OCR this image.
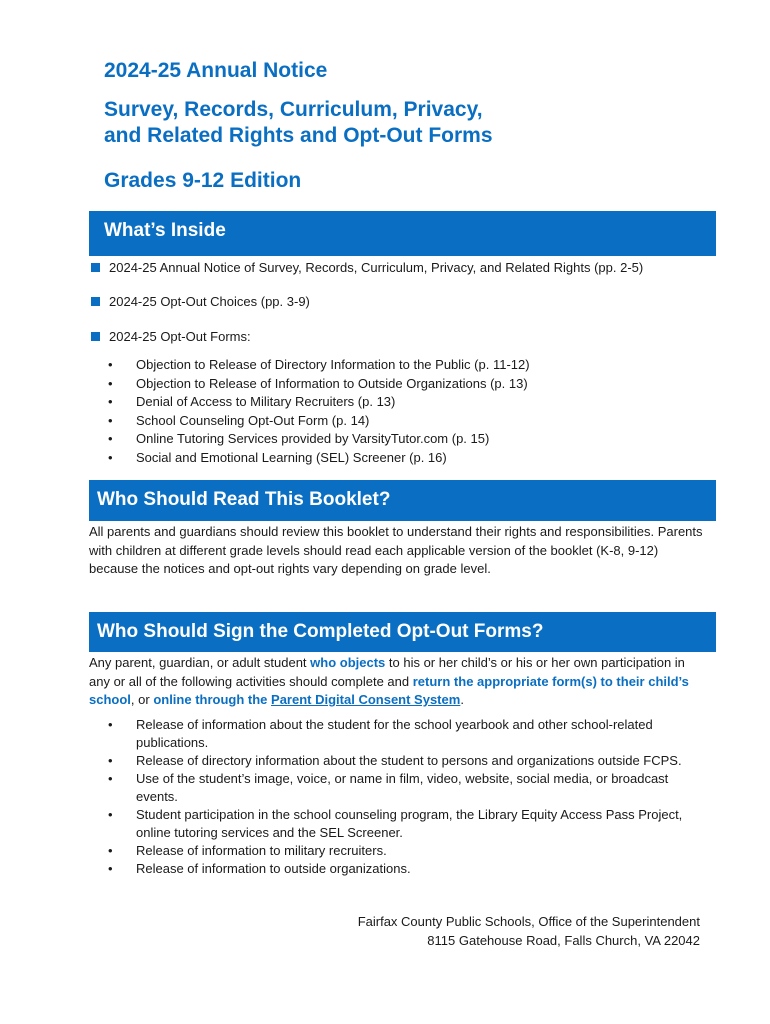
2024-25 Annual Notice
Survey, Records, Curriculum, Privacy,
and Related Rights and Opt-Out Forms
Grades 9-12 Edition
What’s Inside
2024-25 Annual Notice of Survey, Records, Curriculum, Privacy, and Related Rights (pp. 2-5)
2024-25 Opt-Out Choices (pp. 3-9)
2024-25 Opt-Out Forms:
• Objection to Release of Directory Information to the Public (p. 11-12)
• Objection to Release of Information to Outside Organizations (p. 13)
• Denial of Access to Military Recruiters (p. 13)
• School Counseling Opt-Out Form (p. 14)
• Online Tutoring Services provided by VarsityTutor.com (p. 15)
• Social and Emotional Learning (SEL) Screener (p. 16)
Who Should Read This Booklet?

All parents and guardians should review this booklet to understand their rights and responsibilities. Parents with children at different grade levels should read each applicable version of the booklet (K-8, 9-12) because the notices and opt-out rights vary depending on grade level.

Who Should Sign the Completed Opt-Out Forms?

Any parent, guardian, or adult student who objects to his or her child’s or his or her own participation in any or all of the following activities should complete and return the appropriate form(s) to their child’s school, or online through the Parent Digital Consent System.

• Release of information about the student for the school yearbook and other school-related publications.
• Release of directory information about the student to persons and organizations outside FCPS.
• Use of the student’s image, voice, or name in film, video, website, social media, or broadcast events.
• Student participation in the school counseling program, the Library Equity Access Pass Project, online tutoring services and the SEL Screener.
• Release of information to military recruiters.
• Release of information to outside organizations.
Fairfax County Public Schools, Office of the Superintendent
8115 Gatehouse Road, Falls Church, VA 22042
